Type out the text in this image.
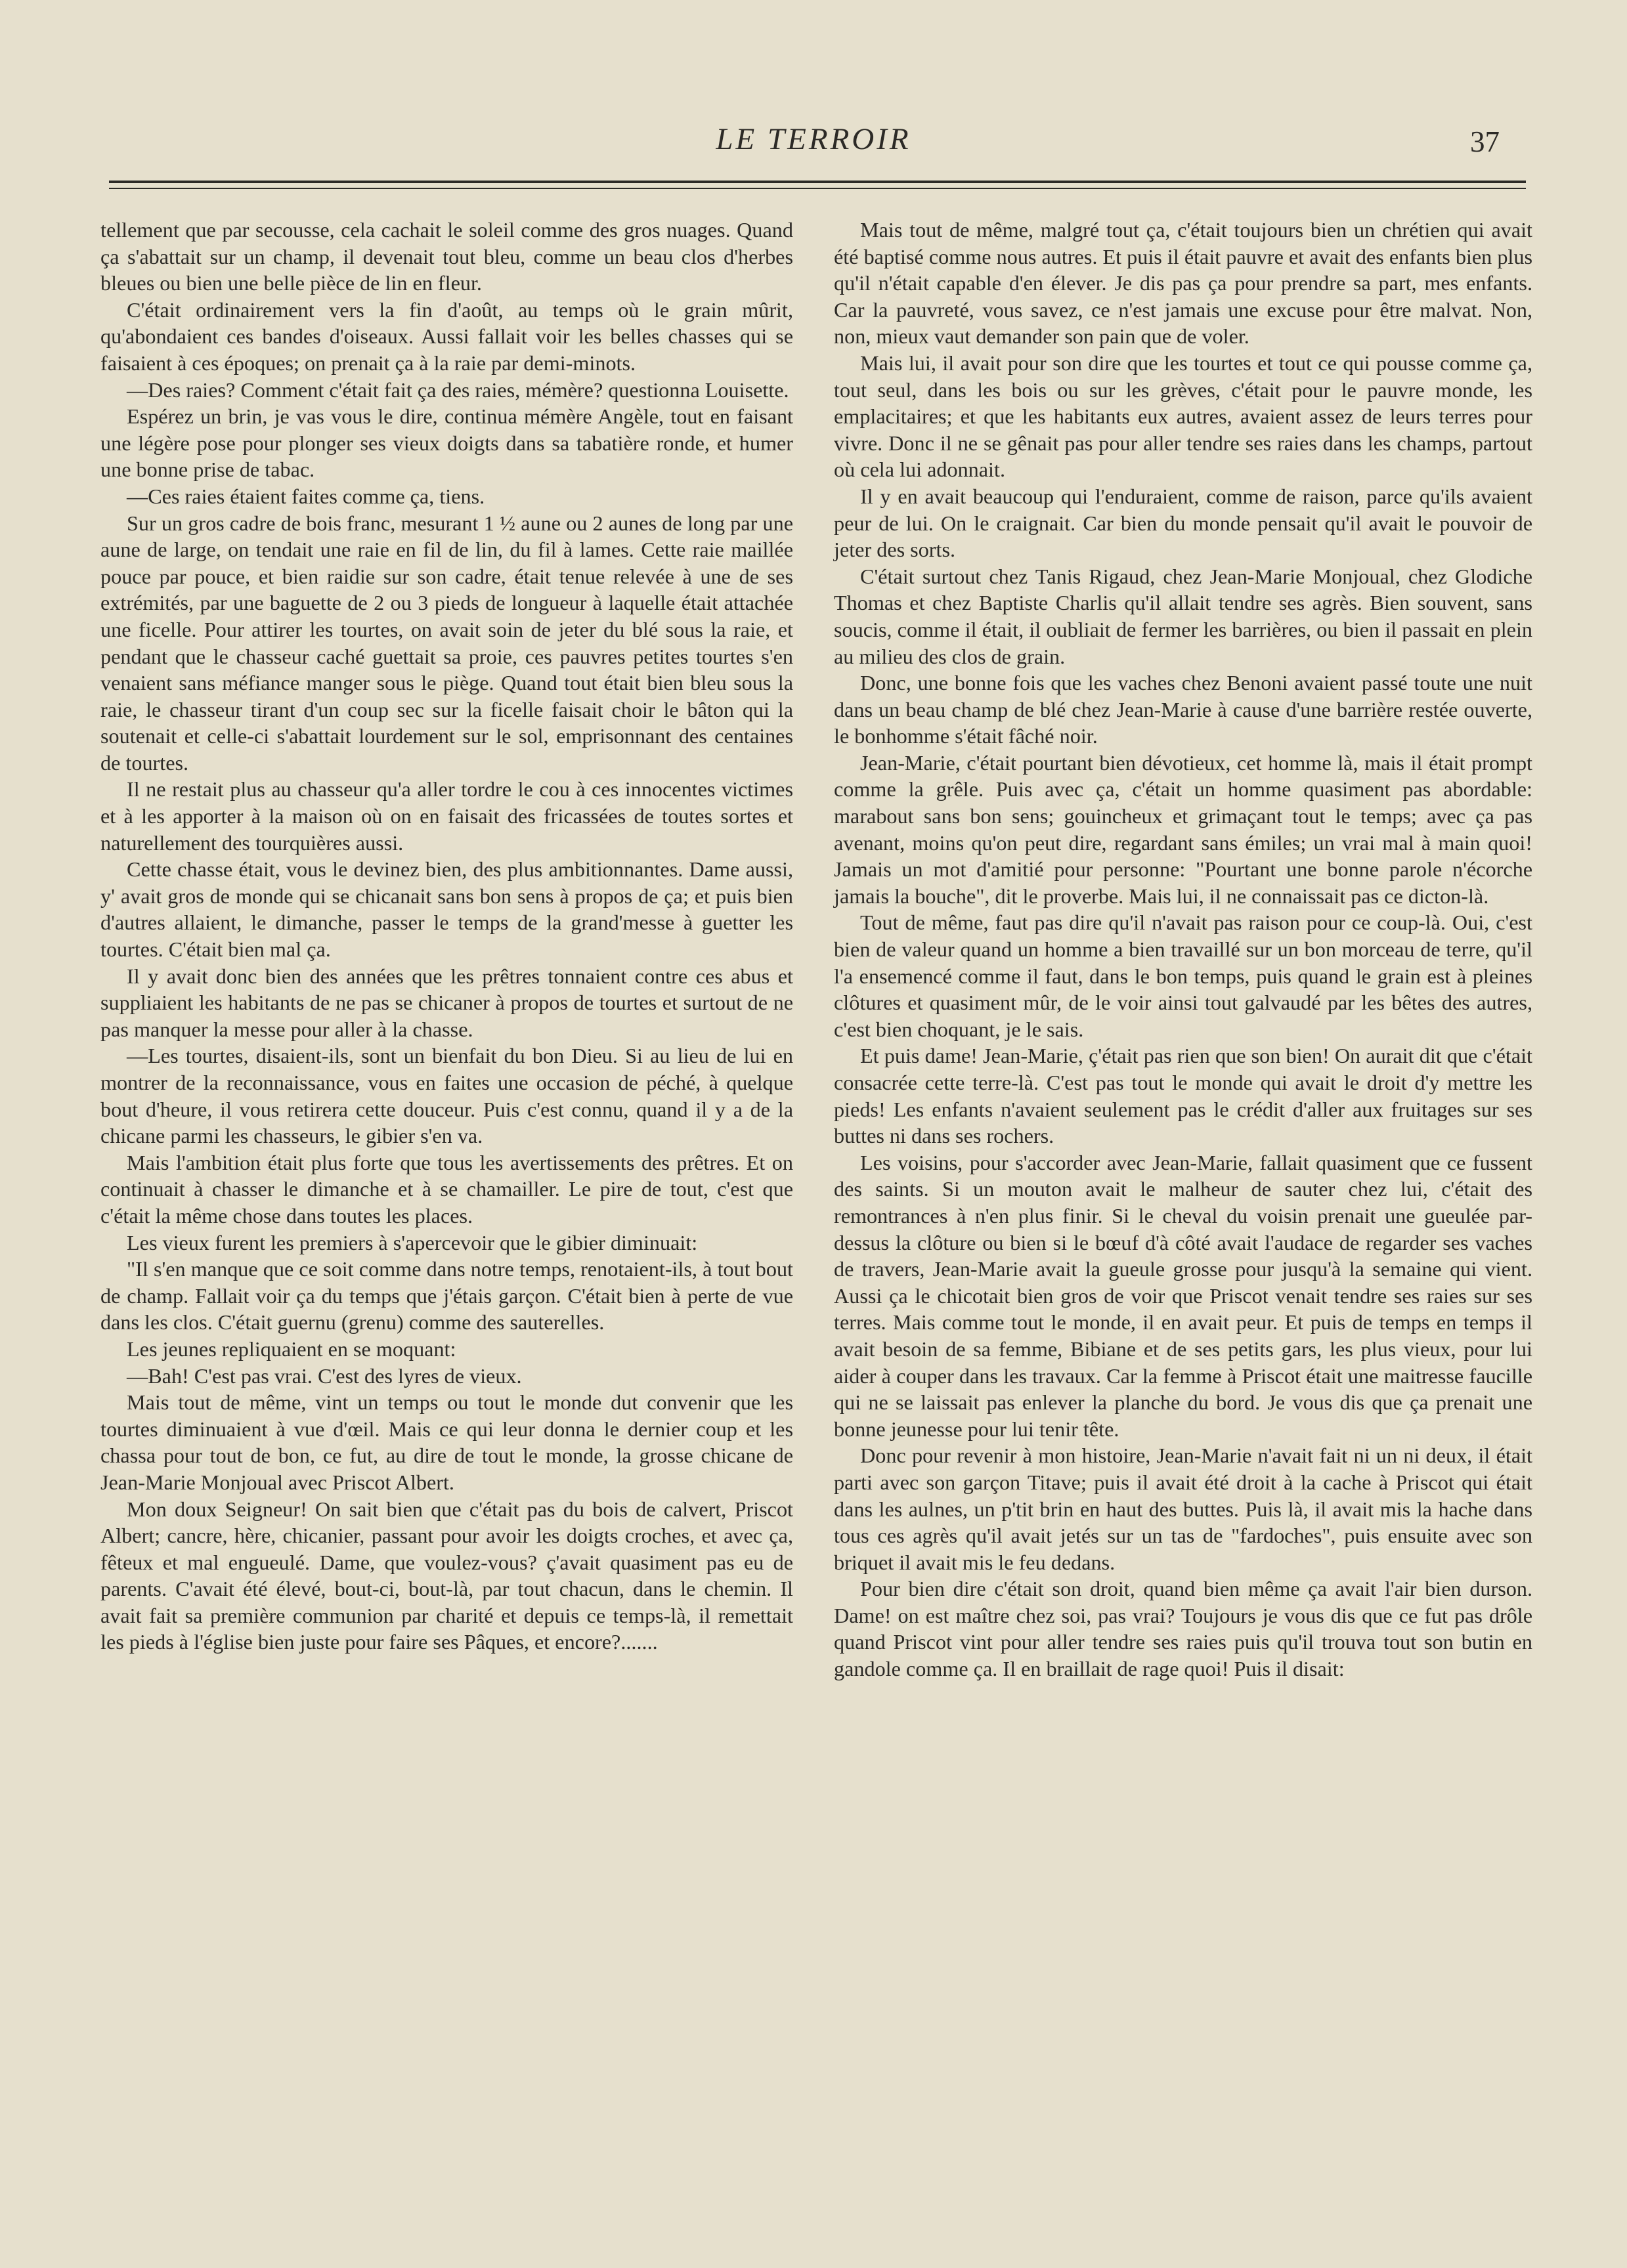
LE TERROIR	37

tellement que par secousse, cela cachait le soleil comme des gros nuages. Quand ça s'abattait sur un champ, il devenait tout bleu, comme un beau clos d'herbes bleues ou bien une belle pièce de lin en fleur.

C'était ordinairement vers la fin d'août, au temps où le grain mûrit, qu'abondaient ces bandes d'oiseaux. Aussi fallait voir les belles chasses qui se faisaient à ces époques; on prenait ça à la raie par demi-minots.

—Des raies? Comment c'était fait ça des raies, mémère? questionna Louisette.

Espérez un brin, je vas vous le dire, continua mémère Angèle, tout en faisant une légère pose pour plonger ses vieux doigts dans sa tabatière ronde, et humer une bonne prise de tabac.

—Ces raies étaient faites comme ça, tiens.

Sur un gros cadre de bois franc, mesurant 1 ½ aune ou 2 aunes de long par une aune de large, on tendait une raie en fil de lin, du fil à lames. Cette raie maillée pouce par pouce, et bien raidie sur son cadre, était tenue relevée à une de ses extrémités, par une baguette de 2 ou 3 pieds de longueur à laquelle était attachée une ficelle. Pour attirer les tourtes, on avait soin de jeter du blé sous la raie, et pendant que le chasseur caché guettait sa proie, ces pauvres petites tourtes s'en venaient sans méfiance manger sous le piège. Quand tout était bien bleu sous la raie, le chasseur tirant d'un coup sec sur la ficelle faisait choir le bâton qui la soutenait et celle-ci s'abattait lourdement sur le sol, emprisonnant des centaines de tourtes.

Il ne restait plus au chasseur qu'a aller tordre le cou à ces innocentes victimes et à les apporter à la maison où on en faisait des fricassées de toutes sortes et naturellement des tourquières aussi.

Cette chasse était, vous le devinez bien, des plus ambitionnantes. Dame aussi, y' avait gros de monde qui se chicanait sans bon sens à propos de ça; et puis bien d'autres allaient, le dimanche, passer le temps de la grand'messe à guetter les tourtes. C'était bien mal ça.

Il y avait donc bien des années que les prêtres tonnaient contre ces abus et suppliaient les habitants de ne pas se chicaner à propos de tourtes et surtout de ne pas manquer la messe pour aller à la chasse.

—Les tourtes, disaient-ils, sont un bienfait du bon Dieu. Si au lieu de lui en montrer de la reconnaissance, vous en faites une occasion de péché, à quelque bout d'heure, il vous retirera cette douceur. Puis c'est connu, quand il y a de la chicane parmi les chasseurs, le gibier s'en va.

Mais l'ambition était plus forte que tous les avertissements des prêtres. Et on continuait à chasser le dimanche et à se chamailler. Le pire de tout, c'est que c'était la même chose dans toutes les places.

Les vieux furent les premiers à s'apercevoir que le gibier diminuait:

"Il s'en manque que ce soit comme dans notre temps, renotaient-ils, à tout bout de champ. Fallait voir ça du temps que j'étais garçon. C'était bien à perte de vue dans les clos. C'était guernu (grenu) comme des sauterelles.

Les jeunes repliquaient en se moquant:

—Bah! C'est pas vrai. C'est des lyres de vieux.

Mais tout de même, vint un temps ou tout le monde dut convenir que les tourtes diminuaient à vue d'œil. Mais ce qui leur donna le dernier coup et les chassa pour tout de bon, ce fut, au dire de tout le monde, la grosse chicane de Jean-Marie Monjoual avec Priscot Albert.

Mon doux Seigneur! On sait bien que c'était pas du bois de calvert, Priscot Albert; cancre, hère, chicanier, passant pour avoir les doigts croches, et avec ça, fêteux et mal engueulé. Dame, que voulez-vous? ç'avait quasiment pas eu de parents. C'avait été élevé, bout-ci, bout-là, par tout chacun, dans le chemin. Il avait fait sa première communion par charité et depuis ce temps-là, il remettait les pieds à l'église bien juste pour faire ses Pâques, et encore?.......

Mais tout de même, malgré tout ça, c'était toujours bien un chrétien qui avait été baptisé comme nous autres. Et puis il était pauvre et avait des enfants bien plus qu'il n'était capable d'en élever. Je dis pas ça pour prendre sa part, mes enfants. Car la pauvreté, vous savez, ce n'est jamais une excuse pour être malvat. Non, non, mieux vaut demander son pain que de voler.

Mais lui, il avait pour son dire que les tourtes et tout ce qui pousse comme ça, tout seul, dans les bois ou sur les grèves, c'était pour le pauvre monde, les emplacitaires; et que les habitants eux autres, avaient assez de leurs terres pour vivre. Donc il ne se gênait pas pour aller tendre ses raies dans les champs, partout où cela lui adonnait.

Il y en avait beaucoup qui l'enduraient, comme de raison, parce qu'ils avaient peur de lui. On le craignait. Car bien du monde pensait qu'il avait le pouvoir de jeter des sorts.

C'était surtout chez Tanis Rigaud, chez Jean-Marie Monjoual, chez Glodiche Thomas et chez Baptiste Charlis qu'il allait tendre ses agrès. Bien souvent, sans soucis, comme il était, il oubliait de fermer les barrières, ou bien il passait en plein au milieu des clos de grain.

Donc, une bonne fois que les vaches chez Benoni avaient passé toute une nuit dans un beau champ de blé chez Jean-Marie à cause d'une barrière restée ouverte, le bonhomme s'était fâché noir.

Jean-Marie, c'était pourtant bien dévotieux, cet homme là, mais il était prompt comme la grêle. Puis avec ça, c'était un homme quasiment pas abordable: marabout sans bon sens; gouincheux et grimaçant tout le temps; avec ça pas avenant, moins qu'on peut dire, regardant sans émiles; un vrai mal à main quoi! Jamais un mot d'amitié pour personne: "Pourtant une bonne parole n'écorche jamais la bouche", dit le proverbe. Mais lui, il ne connaissait pas ce dicton-là.

Tout de même, faut pas dire qu'il n'avait pas raison pour ce coup-là. Oui, c'est bien de valeur quand un homme a bien travaillé sur un bon morceau de terre, qu'il l'a ensemencé comme il faut, dans le bon temps, puis quand le grain est à pleines clôtures et quasiment mûr, de le voir ainsi tout galvaudé par les bêtes des autres, c'est bien choquant, je le sais.

Et puis dame! Jean-Marie, ç'était pas rien que son bien! On aurait dit que c'était consacrée cette terre-là. C'est pas tout le monde qui avait le droit d'y mettre les pieds! Les enfants n'avaient seulement pas le crédit d'aller aux fruitages sur ses buttes ni dans ses rochers.

Les voisins, pour s'accorder avec Jean-Marie, fallait quasiment que ce fussent des saints. Si un mouton avait le malheur de sauter chez lui, c'était des remontrances à n'en plus finir. Si le cheval du voisin prenait une gueulée par-dessus la clôture ou bien si le bœuf d'à côté avait l'audace de regarder ses vaches de travers, Jean-Marie avait la gueule grosse pour jusqu'à la semaine qui vient. Aussi ça le chicotait bien gros de voir que Priscot venait tendre ses raies sur ses terres. Mais comme tout le monde, il en avait peur. Et puis de temps en temps il avait besoin de sa femme, Bibiane et de ses petits gars, les plus vieux, pour lui aider à couper dans les travaux. Car la femme à Priscot était une maitresse faucille qui ne se laissait pas enlever la planche du bord. Je vous dis que ça prenait une bonne jeunesse pour lui tenir tête.

Donc pour revenir à mon histoire, Jean-Marie n'avait fait ni un ni deux, il était parti avec son garçon Titave; puis il avait été droit à la cache à Priscot qui était dans les aulnes, un p'tit brin en haut des buttes. Puis là, il avait mis la hache dans tous ces agrès qu'il avait jetés sur un tas de "fardoches", puis ensuite avec son briquet il avait mis le feu dedans.

Pour bien dire c'était son droit, quand bien même ça avait l'air bien durson. Dame! on est maître chez soi, pas vrai? Toujours je vous dis que ce fut pas drôle quand Priscot vint pour aller tendre ses raies puis qu'il trouva tout son butin en gandole comme ça. Il en braillait de rage quoi! Puis il disait:
